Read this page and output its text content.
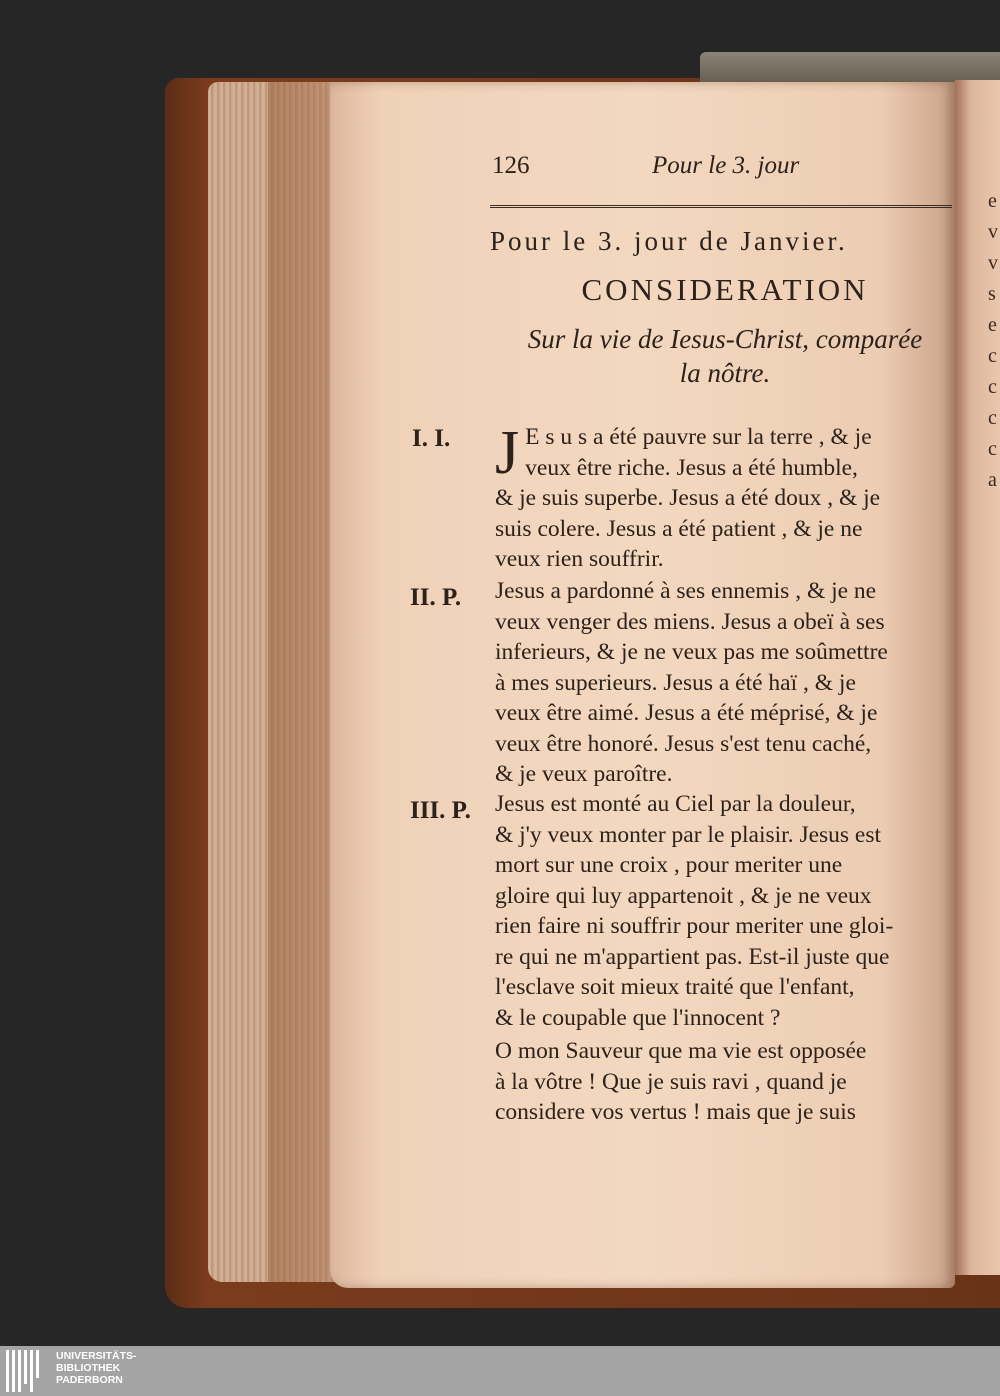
e
v
v
s
e
c
c
c
c
a
126	Pour le 3. jour
Pour le 3. jour de Janvier.
CONSIDERATION
Sur la vie de Iesus-Christ, comparée
la nôtre.
I. I.
II. P.
III. P.
J E s u s a été pauvre sur la terre , & je
veux être riche. Jesus a été humble,
& je suis superbe. Jesus a été doux , & je
suis colere. Jesus a été patient , & je ne
veux rien souffrir.
Jesus a pardonné à ses ennemis , & je ne
veux venger des miens. Jesus a obeï à ses
inferieurs, & je ne veux pas me soûmettre
à mes superieurs. Jesus a été haï , & je
veux être aimé. Jesus a été méprisé, & je
veux être honoré. Jesus s'est tenu caché,
& je veux paroître.
Jesus est monté au Ciel par la douleur,
& j'y veux monter par le plaisir. Jesus est
mort sur une croix , pour meriter une
gloire qui luy appartenoit , & je ne veux
rien faire ni souffrir pour meriter une gloi-
re qui ne m'appartient pas. Est-il juste que
l'esclave soit mieux traité que l'enfant,
& le coupable que l'innocent ?
O mon Sauveur que ma vie est opposée
à la vôtre ! Que je suis ravi , quand je
considere vos vertus ! mais que je suis
UNIVERSITÄTS-
BIBLIOTHEK
PADERBORN
